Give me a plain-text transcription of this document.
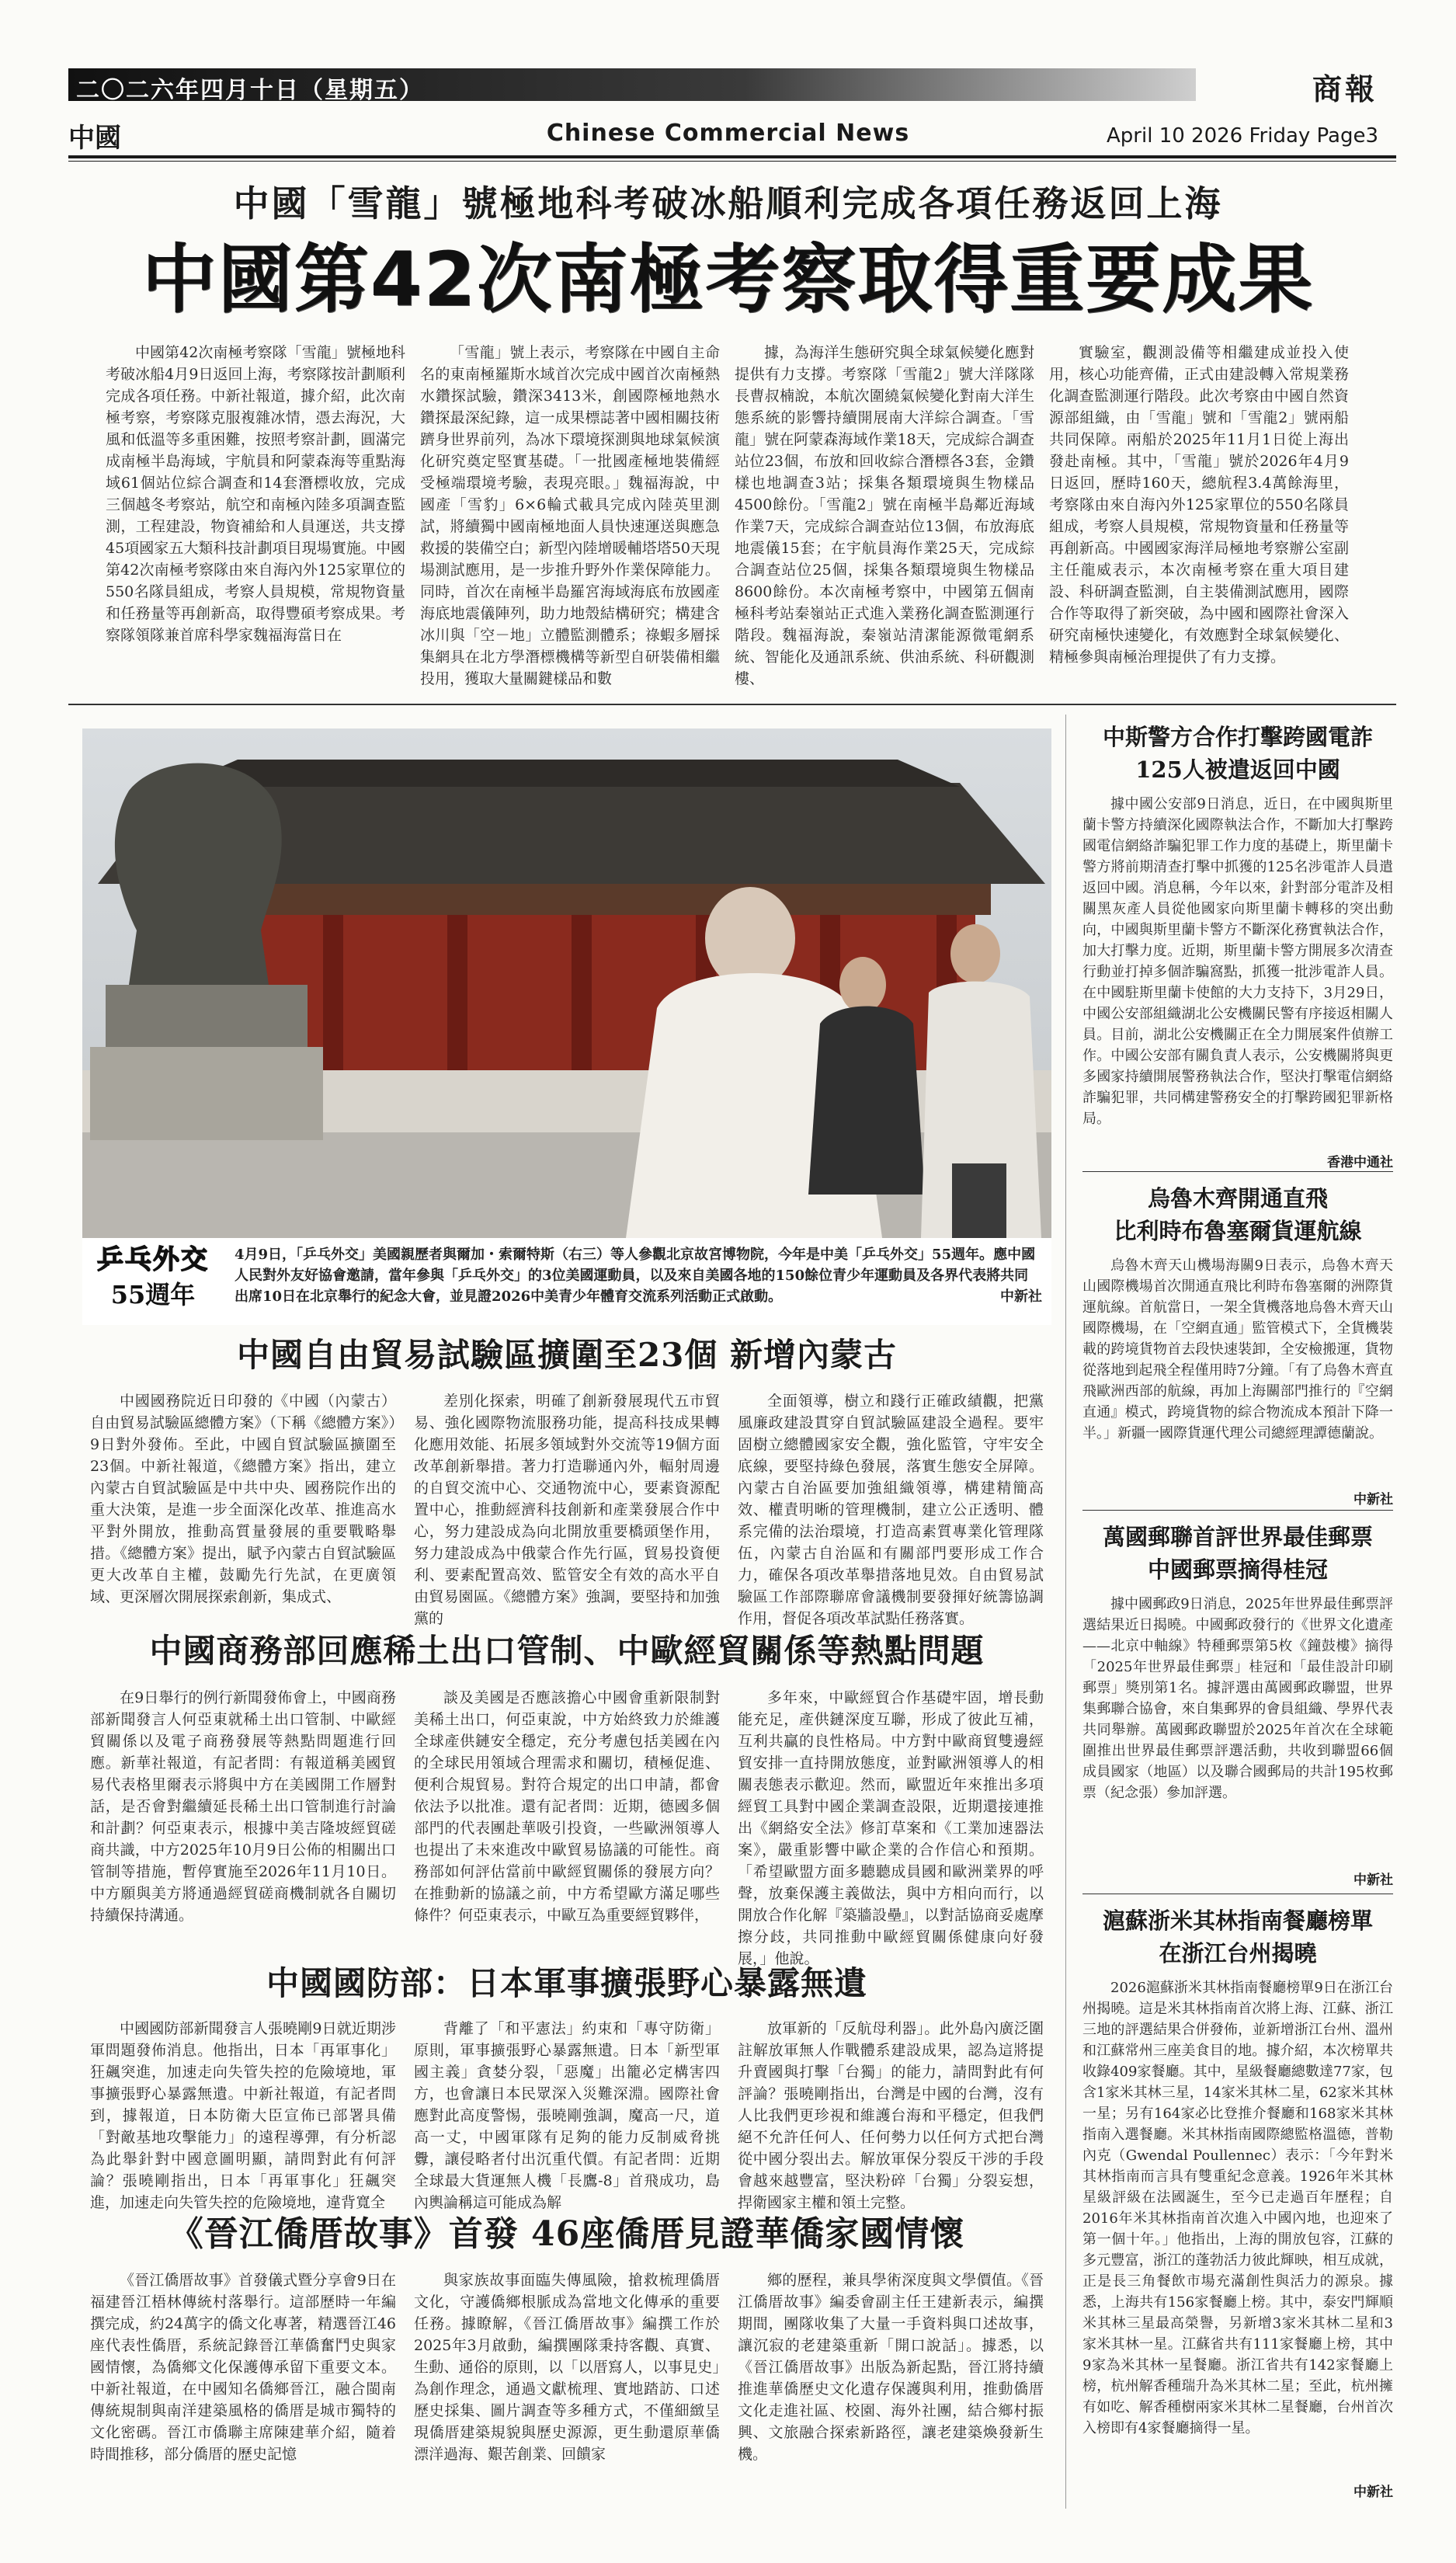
二〇二六年四月十日（星期五）	商報
中國	Chinese Commercial News	April 10 2026 Friday Page3
中國「雪龍」號極地科考破冰船順利完成各項任務返回上海
中國第42次南極考察取得重要成果

中國第42次南極考察隊「雪龍」號極地科考破冰船4月9日返回上海，考察隊按計劃順利完成各項任務。中新社報道，據介紹，此次南極考察，考察隊克服複雜冰情，憑去海況，大風和低溫等多重困難，按照考察計劃，圓滿完成南極半島海域，宇航員和阿蒙森海等重點海域61個站位綜合調查和14套潛標收放，完成三個越冬考察站，航空和南極內陸多項調查監測，工程建設，物資補給和人員運送，共支撐45項國家五大類科技計劃項目現場實施。中國第42次南極考察隊由來自海內外125家單位的550名隊員組成，考察人員規模，常規物資量和任務量等再創新高，取得豐碩考察成果。考察隊領隊兼首席科學家魏福海當日在

「雪龍」號上表示，考察隊在中國自主命名的東南極羅斯水域首次完成中國首次南極熱水鑽探試驗，鑽深3413米，創國際極地熱水鑽探最深紀錄，這一成果標誌著中國相關技術躋身世界前列，為冰下環境探測與地球氣候演化研究奠定堅實基礎。「一批國產極地裝備經受極端環境考驗，表現亮眼。」魏福海說，中國產「雪豹」6×6輪式載具完成內陸英里測試，將續獨中國南極地面人員快速運送與應急救援的裝備空白；新型內陸增暖輔塔塔50天現場測試應用，是一步推升野外作業保障能力。同時，首次在南極半島羅宮海域海底布放國產海底地震儀陣列，助力地殼結構研究；構建含冰川與「空－地」立體監測體系；祿蝦多層採集網具在北方學潛標機構等新型自研裝備相繼投用，獲取大量關鍵樣品和數

據，為海洋生態研究與全球氣候變化應對提供有力支撐。考察隊「雪龍2」號大洋隊隊長曹叔楠說，本航次圍繞氣候變化對南大洋生態系統的影響持續開展南大洋綜合調查。「雪龍」號在阿蒙森海域作業18天，完成綜合調查站位23個，布放和回收綜合潛標各3套，金鑽樣也地調查3站；採集各類環境與生物樣品4500餘份。「雪龍2」號在南極半島鄰近海域作業7天，完成綜合調查站位13個，布放海底地震儀15套；在宇航員海作業25天，完成綜合調查站位25個，採集各類環境與生物樣品8600餘份。本次南極考察中，中國第五個南極科考站秦嶺站正式進入業務化調查監測運行階段。魏福海說，秦嶺站清潔能源微電網系統、智能化及通訊系統、供油系統、科研觀測樓、

實驗室，觀測設備等相繼建成並投入使用，核心功能齊備，正式由建設轉入常規業務化調查監測運行階段。此次考察由中國自然資源部組織，由「雪龍」號和「雪龍2」號兩船共同保障。兩船於2025年11月1日從上海出發赴南極。其中，「雪龍」號於2026年4月9日返回，歷時160天，總航程3.4萬餘海里，考察隊由來自海內外125家單位的550名隊員組成，考察人員規模，常規物資量和任務量等再創新高。中國國家海洋局極地考察辦公室副主任龍威表示，本次南極考察在重大項目建設、科研調查監測，自主裝備測試應用，國際合作等取得了新突破，為中國和國際社會深入研究南極快速變化，有效應對全球氣候變化、精極參與南極治理提供了有力支撐。

乒乓外交
55週年
4月9日，「乒乓外交」美國親歷者與爾加・索爾特斯（右三）等人參觀北京故宮博物院，今年是中美「乒乓外交」55週年。應中國人民對外友好協會邀請，當年參與「乒乓外交」的3位美國運動員，以及來自美國各地的150餘位青少年運動員及各界代表將共同出席10日在北京舉行的紀念大會，並見證2026中美青少年體育交流系列活動正式啟動。	中新社
中國自由貿易試驗區擴圍至23個 新增內蒙古

中國國務院近日印發的《中國（內蒙古）自由貿易試驗區總體方案》（下稱《總體方案》）9日對外發佈。至此，中國自貿試驗區擴圍至23個。中新社報道，《總體方案》指出，建立內蒙古自貿試驗區是中共中央、國務院作出的重大決策，是進一步全面深化改革、推進高水平對外開放，推動高質量發展的重要戰略舉措。《總體方案》提出，賦予內蒙古自貿試驗區更大改革自主權，鼓勵先行先試，在更廣領域、更深層次開展探索創新，集成式、

差別化探索，明確了創新發展現代五市貿易、強化國際物流服務功能，提高科技成果轉化應用效能、拓展多領域對外交流等19個方面改革創新舉措。著力打造聯通內外，輻射周邊的自貿交流中心、交通物流中心，要素資源配置中心，推動經濟科技創新和產業發展合作中心，努力建設成為向北開放重要橋頭堡作用，努力建設成為中俄蒙合作先行區，貿易投資便利、要素配置高效、監管安全有效的高水平自由貿易園區。《總體方案》強調，要堅持和加強黨的

全面領導，樹立和踐行正確政績觀，把黨風廉政建設貫穿自貿試驗區建設全過程。要牢固樹立總體國家安全觀，強化監管，守牢安全底線，要堅持綠色發展，落實生態安全屏障。內蒙古自治區要加強組織領導，構建精簡高效、權責明晰的管理機制，建立公正透明、體系完備的法治環境，打造高素質專業化管理隊伍，內蒙古自治區和有關部門要形成工作合力，確保各項改革舉措落地見效。自由貿易試驗區工作部際聯席會議機制要發揮好統籌協調作用，督促各項改革試點任務落實。

中國商務部回應稀土出口管制、中歐經貿關係等熱點問題

在9日舉行的例行新聞發佈會上，中國商務部新聞發言人何亞東就稀土出口管制、中歐經貿關係以及電子商務發展等熱點問題進行回應。新華社報道，有記者問：有報道稱美國貿易代表格里爾表示將與中方在美國開工作層對話，是否會對繼續延長稀土出口管制進行討論和計劃？何亞東表示，根據中美吉隆坡經貿磋商共識，中方2025年10月9日公佈的相關出口管制等措施，暫停實施至2026年11月10日。中方願與美方將通過經貿磋商機制就各自關切持續保持溝通。

談及美國是否應該擔心中國會重新限制對美稀土出口，何亞東說，中方始終致力於維護全球產供鏈安全穩定，充分考慮包括美國在內的全球民用領域合理需求和關切，積極促進、便利合規貿易。對符合規定的出口申請，都會依法予以批准。還有記者問：近期，德國多個部門的代表團赴華吸引投資，一些歐洲領導人也提出了未來進改中歐貿易協議的可能性。商務部如何評估當前中歐經貿關係的發展方向？在推動新的協議之前，中方希望歐方滿足哪些條件？何亞東表示，中歐互為重要經貿夥伴，

多年來，中歐經貿合作基礎牢固，增長動能充足，產供鏈深度互聯，形成了彼此互補，互利共贏的良性格局。中方對中歐商貿雙邊經貿安排一直持開放態度，並對歐洲領導人的相關表態表示歡迎。然而，歐盟近年來推出多項經貿工具對中國企業調查設限，近期還接連推出《網絡安全法》修訂草案和《工業加速器法案》，嚴重影響中歐企業的合作信心和預期。「希望歐盟方面多聽聽成員國和歐洲業界的呼聲，放棄保護主義做法，與中方相向而行，以開放合作化解『築牆設壘』，以對話協商妥處摩擦分歧，共同推動中歐經貿關係健康向好發展，」他說。

中國國防部：日本軍事擴張野心暴露無遺

中國國防部新聞發言人張曉剛9日就近期涉軍問題發佈消息。他指出，日本「再軍事化」狂飆突進，加速走向失管失控的危險境地，軍事擴張野心暴露無遺。中新社報道，有記者問到，據報道，日本防衛大臣宣佈已部署具備「對敵基地攻擊能力」的遠程導彈，有分析認為此舉針對中國意圖明顯，請問對此有何評論？張曉剛指出，日本「再軍事化」狂飆突進，加速走向失管失控的危險境地，違背寬全

背離了「和平憲法」約束和「專守防衛」原則，軍事擴張野心暴露無遺。日本「新型軍國主義」貪婪分裂，「惡魔」出籠必定構害四方，也會讓日本民眾深入災難深淵。國際社會應對此高度警惕，張曉剛強調，魔高一尺，道高一丈，中國軍隊有足夠的能力反制威脅挑釁，讓侵略者付出沉重代價。有記者問：近期全球最大貨運無人機「長鷹-8」首飛成功，島內輿論稱這可能成為解

放軍新的「反航母利器」。此外島內廣泛圍註解放軍無人作戰體系建設成果，認為這將提升賣國與打擊「台獨」的能力，請問對此有何評論？張曉剛指出，台灣是中國的台灣，沒有人比我們更珍視和維護台海和平穩定，但我們絕不允許任何人、任何勢力以任何方式把台灣從中國分裂出去。解放軍保分裂反干涉的手段會越來越豐富，堅決粉碎「台獨」分裂妄想，捍衛國家主權和領土完整。

《晉江僑厝故事》首發 46座僑厝見證華僑家國情懷

《晉江僑厝故事》首發儀式暨分享會9日在福建晉江梧林傳統村落舉行。這部歷時一年編撰完成，約24萬字的僑文化專著，精選晉江46座代表性僑厝，系統記錄晉江華僑奮鬥史與家國情懷，為僑鄉文化保護傳承留下重要文本。中新社報道，在中國知名僑鄉晉江，融合閩南傳統規制與南洋建築風格的僑厝是城市獨特的文化密碼。晉江市僑聯主席陳建華介紹，隨着時間推移，部分僑厝的歷史記憶

與家族故事面臨失傳風險，搶救梳理僑厝文化，守護僑鄉根脈成為當地文化傳承的重要任務。據瞭解，《晉江僑厝故事》編撰工作於2025年3月啟動，編撰團隊秉持客觀、真實、生動、通俗的原則，以「以厝寫人，以事見史」為創作理念，通過文獻梳理、實地踏訪、口述歷史採集、圖片調查等多種方式，不僅細緻呈現僑厝建築規貌與歷史源源，更生動還原華僑漂洋過海、艱苦創業、回饋家

鄉的歷程，兼具學術深度與文學價值。《晉江僑厝故事》編委會副主任王建新表示，編撰期間，團隊收集了大量一手資料與口述故事，讓沉寂的老建築重新「開口說話」。據悉，以《晉江僑厝故事》出版為新起點，晉江將持續推進華僑歷史文化遺存保護與利用，推動僑厝文化走進社區、校園、海外社團，結合鄉村振興、文旅融合探索新路徑，讓老建築煥發新生機。

中斯警方合作打擊跨國電詐
125人被遣返回中國

據中國公安部9日消息，近日，在中國與斯里蘭卡警方持續深化國際執法合作，不斷加大打擊跨國電信網絡詐騙犯罪工作力度的基礎上，斯里蘭卡警方將前期清查打擊中抓獲的125名涉電詐人員遣返回中國。消息稱，今年以來，針對部分電詐及相關黑灰產人員從他國家向斯里蘭卡轉移的突出動向，中國與斯里蘭卡警方不斷深化務實執法合作，加大打擊力度。近期，斯里蘭卡警方開展多次清查行動並打掉多個詐騙窩點，抓獲一批涉電詐人員。在中國駐斯里蘭卡使館的大力支持下，3月29日，中國公安部組織湖北公安機關民警有序接返相關人員。目前，湖北公安機關正在全力開展案件偵辦工作。中國公安部有關負責人表示，公安機關將與更多國家持續開展警務執法合作，堅決打擊電信網絡詐騙犯罪，共同構建警務安全的打擊跨國犯罪新格局。

香港中通社
烏魯木齊開通直飛
比利時布魯塞爾貨運航線

烏魯木齊天山機場海關9日表示，烏魯木齊天山國際機場首次開通直飛比利時布魯塞爾的洲際貨運航線。首航當日，一架全貨機落地烏魯木齊天山國際機場，在「空網直通」監管模式下，全貨機裝載的跨境貨物首去段快速裝卸，全安檢搬運，貨物從落地到起飛全程僅用時7分鐘。「有了烏魯木齊直飛歐洲西部的航線，再加上海關部門推行的『空網直通』模式，跨境貨物的綜合物流成本預計下降一半。」新疆一國際貨運代理公司總經理譚德蘭說。

中新社
萬國郵聯首評世界最佳郵票
中國郵票摘得桂冠

據中國郵政9日消息，2025年世界最佳郵票評選結果近日揭曉。中國郵政發行的《世界文化遺產——北京中軸線》特種郵票第5枚《鐘鼓樓》摘得「2025年世界最佳郵票」桂冠和「最佳設計印刷郵票」獎別第1名。據評選由萬國郵政聯盟，世界集郵聯合協會，來自集郵界的會員組織、學界代表共同舉辦。萬國郵政聯盟於2025年首次在全球範圍推出世界最佳郵票評選活動，共收到聯盟66個成員國家（地區）以及聯合國郵局的共計195枚郵票（紀念張）參加評選。

中新社
滬蘇浙米其林指南餐廳榜單
在浙江台州揭曉

2026滬蘇浙米其林指南餐廳榜單9日在浙江台州揭曉。這是米其林指南首次將上海、江蘇、浙江三地的評選結果合併發佈，並新增浙江台州、溫州和江蘇常州三座美食目的地。據介紹，本次榜單共收錄409家餐廳。其中，星級餐廳總數達77家，包含1家米其林三星，14家米其林二星，62家米其林一星；另有164家必比登推介餐廳和168家米其林指南入選餐廳。米其林指南國際總監格溫德，普勒內克（Gwendal Poullennec）表示：「今年對米其林指南而言具有雙重紀念意義。1926年米其林星級評級在法國誕生，至今已走過百年歷程；自2016年米其林指南首次進入中國內地，也迎來了第一個十年。」他指出，上海的開放包容，江蘇的多元豐富，浙江的蓬勃活力彼此輝映，相互成就，正是長三角餐飲市場充滿創性與活力的源泉。據悉，上海共有156家餐廳上榜。其中，泰安門輝順米其林三星最高榮譽，另新增3家米其林二星和3家米其林一星。江蘇省共有111家餐廳上榜，其中9家為米其林一星餐廳。浙江省共有142家餐廳上榜，杭州解香種瑞升為米其林二星；至此，杭州擁有如吃、解香種樹兩家米其林二星餐廳，台州首次入榜即有4家餐廳摘得一星。

中新社
